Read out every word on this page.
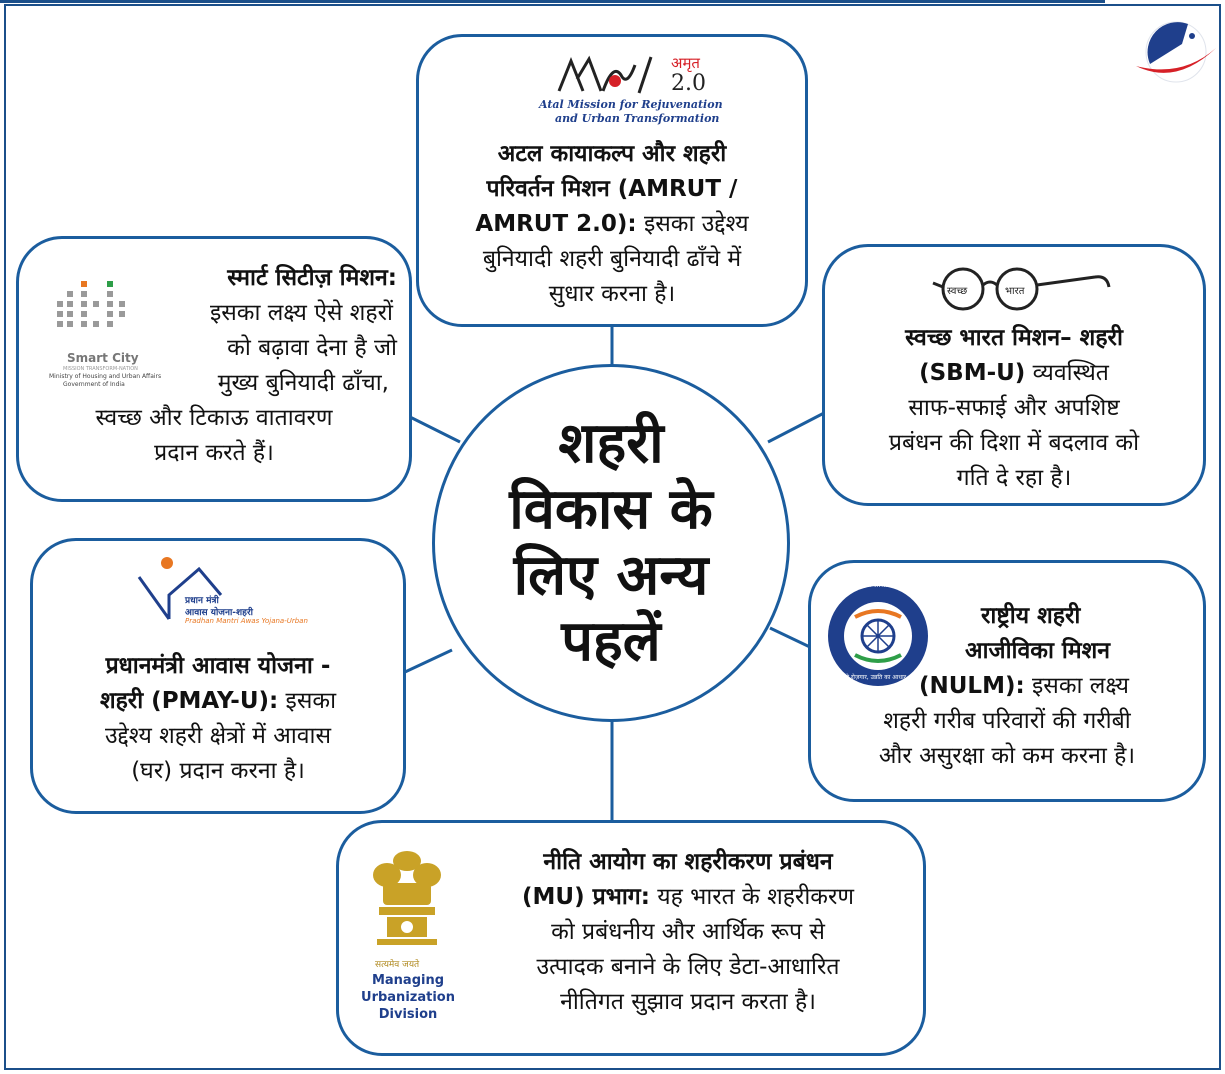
अमृत
2.0
Atal Mission for Rejuvenation
and Urban Transformation
अटल कायाकल्प और शहरी
परिवर्तन मिशन (AMRUT /
AMRUT 2.0): इसका उद्देश्य
बुनियादी शहरी बुनियादी ढाँचे में
सुधार करना है।
Smart City
MISSION TRANSFORM-NATION
Ministry of Housing and Urban Affairs
Government of India
स्मार्ट सिटीज़ मिशन:
इसका लक्ष्य ऐसे शहरों
को बढ़ावा देना है जो
मुख्य बुनियादी ढाँचा,
स्वच्छ और टिकाऊ वातावरण
प्रदान करते हैं।
स्वच्छ	भारत
स्वच्छ भारत मिशन– शहरी
(SBM-U) व्यवस्थित
साफ-सफाई और अपशिष्ट
प्रबंधन की दिशा में बदलाव को
गति दे रहा है।
शहरी
विकास के
लिए अन्य
पहलें
प्रधान मंत्री
आवास योजना-शहरी
Pradhan Mantri Awas Yojana-Urban
प्रधानमंत्री आवास योजना -
शहरी (PMAY-U): इसका
उद्देश्य शहरी क्षेत्रों में आवास
(घर) प्रदान करना है।
राष्ट्रीय शहरी आजीविका मिशन
मेरे रोज़गार, उन्नति का आधार
राष्ट्रीय शहरी
आजीविका मिशन
(NULM): इसका लक्ष्य
शहरी गरीब परिवारों की गरीबी
और असुरक्षा को कम करना है।
सत्यमेव जयते
Managing
Urbanization
Division
नीति आयोग का शहरीकरण प्रबंधन
(MU) प्रभाग: यह भारत के शहरीकरण
को प्रबंधनीय और आर्थिक रूप से
उत्पादक बनाने के लिए डेटा-आधारित
नीतिगत सुझाव प्रदान करता है।
